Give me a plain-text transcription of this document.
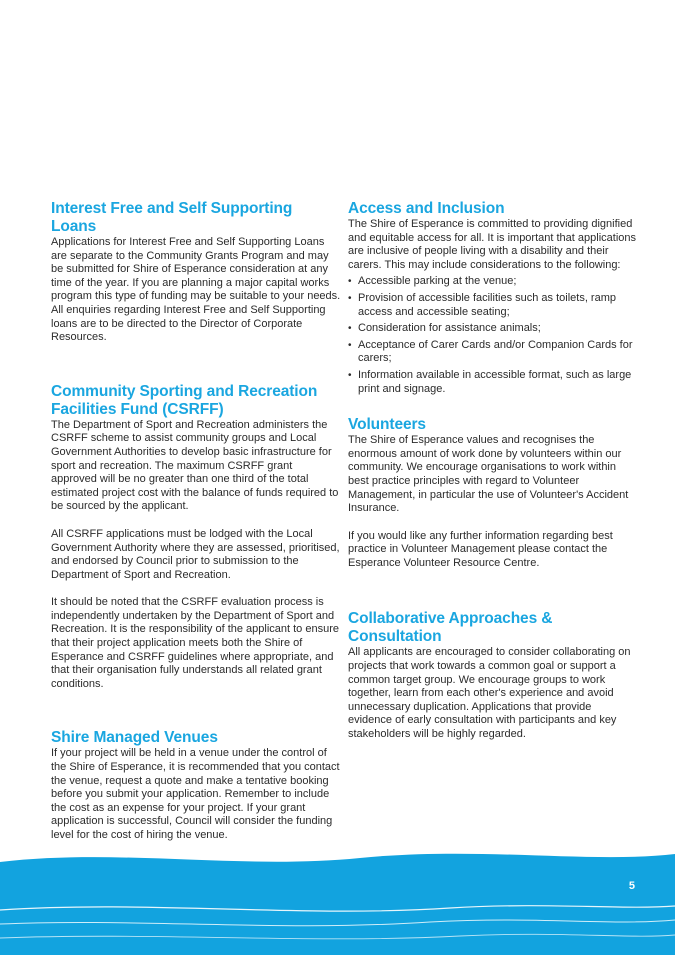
Interest Free and Self Supporting Loans

Applications for Interest Free and Self Supporting Loans are separate to the Community Grants Program and may be submitted for Shire of Esperance consideration at any time of the year. If you are planning a major capital works program this type of funding may be suitable to your needs. All enquiries regarding Interest Free and Self Supporting loans are to be directed to the Director of Corporate Resources.

Community Sporting and Recreation Facilities Fund (CSRFF)

The Department of Sport and Recreation administers the CSRFF scheme to assist community groups and Local Government Authorities to develop basic infrastructure for sport and recreation. The maximum CSRFF grant approved will be no greater than one third of the total estimated project cost with the balance of funds required to be sourced by the applicant.

All CSRFF applications must be lodged with the Local Government Authority where they are assessed, prioritised, and endorsed by Council prior to submission to the Department of Sport and Recreation.

It should be noted that the CSRFF evaluation process is independently undertaken by the Department of Sport and Recreation. It is the responsibility of the applicant to ensure that their project application meets both the Shire of Esperance and CSRFF guidelines where appropriate, and that their organisation fully understands all related grant conditions.

Shire Managed Venues

If your project will be held in a venue under the control of the Shire of Esperance, it is recommended that you contact the venue, request a quote and make a tentative booking before you submit your application. Remember to include the cost as an expense for your project. If your grant application is successful, Council will consider the funding level for the cost of hiring the venue.

Access and Inclusion

The Shire of Esperance is committed to providing dignified and equitable access for all. It is important that applications are inclusive of people living with a disability and their carers. This may include considerations to the following:

• Accessible parking at the venue;
• Provision of accessible facilities such as toilets, ramp access and accessible seating;
• Consideration for assistance animals;
• Acceptance of Carer Cards and/or Companion Cards for carers;
• Information available in accessible format, such as large print and signage.
Volunteers

The Shire of Esperance values and recognises the enormous amount of work done by volunteers within our community. We encourage organisations to work within best practice principles with regard to Volunteer Management, in particular the use of Volunteer's Accident Insurance.

If you would like any further information regarding best practice in Volunteer Management please contact the Esperance Volunteer Resource Centre.

Collaborative Approaches & Consultation

All applicants are encouraged to consider collaborating on projects that work towards a common goal or support a common target group. We encourage groups to work together, learn from each other's experience and avoid unnecessary duplication. Applications that provide evidence of early consultation with participants and key stakeholders will be highly regarded.

5
